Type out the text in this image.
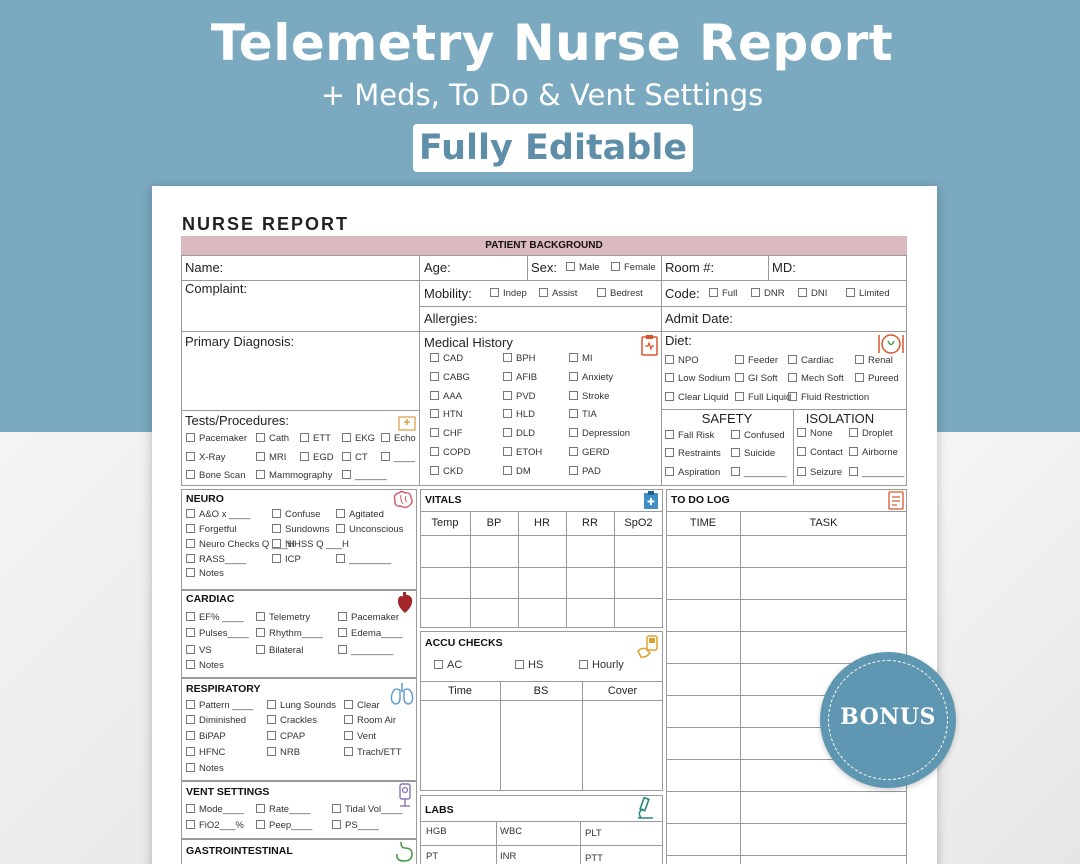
Telemetry Nurse Report
+ Meds, To Do & Vent Settings
Fully Editable
NURSE REPORT
PATIENT BACKGROUND
Name:	Age:	Sex:	Male	Female Room #:	MD:
Complaint:	Mobility:	Indep	Assist	Bedrest Code:	Full	DNR	DNI	Limited
Allergies:	Admit Date:
Primary Diagnosis:	Medical History
CAD	BPH	MI
CABG	AFIB	Anxiety
AAA	PVD	Stroke
HTN	HLD	TIA
CHF	DLD	Depression
COPD	ETOH	GERD
CKD	DM	PAD
Diet:
NPO	Feeder	Cardiac	Renal
Low Sodium	GI Soft	Mech Soft	Pureed
Clear Liquid	Full Liquid	Fluid Restriction
SAFETY	ISOLATION
Fall Risk	Confused
Restraints	Suicide
Aspiration	________
None	Droplet
Contact	Airborne
Seizure	________
Tests/Procedures:
Pacemaker	Cath	ETT	EKG	Echo
X-Ray	MRI	EGD	CT	____
Bone Scan	Mammography	______
NEURO
A&O x ____	Confuse	Agitated
Forgetful	Sundowns	Unconscious
Neuro Checks Q ___H
NiHSS Q ___H
RASS____	ICP	________
Notes
CARDIAC
EF% ____	Telemetry	Pacemaker
Pulses____	Rhythm____	Edema____
VS	Bilateral	________
Notes
RESPIRATORY
Pattern ____	Lung Sounds	Clear
Diminished	Crackles	Room Air
BiPAP	CPAP	Vent
HFNC	NRB	Trach/ETT
Notes
VENT SETTINGS
Mode____	Rate____	Tidal Vol____
FiO2___%	Peep____	PS____
GASTROINTESTINAL
VITALS
Temp	BP	HR	RR	SpO2
ACCU CHECKS
AC	HS	Hourly
Time	BS	Cover
LABS
HGB	WBC	PLT
PT	INR	PTT
TO DO LOG
TIME	TASK
BONUS
